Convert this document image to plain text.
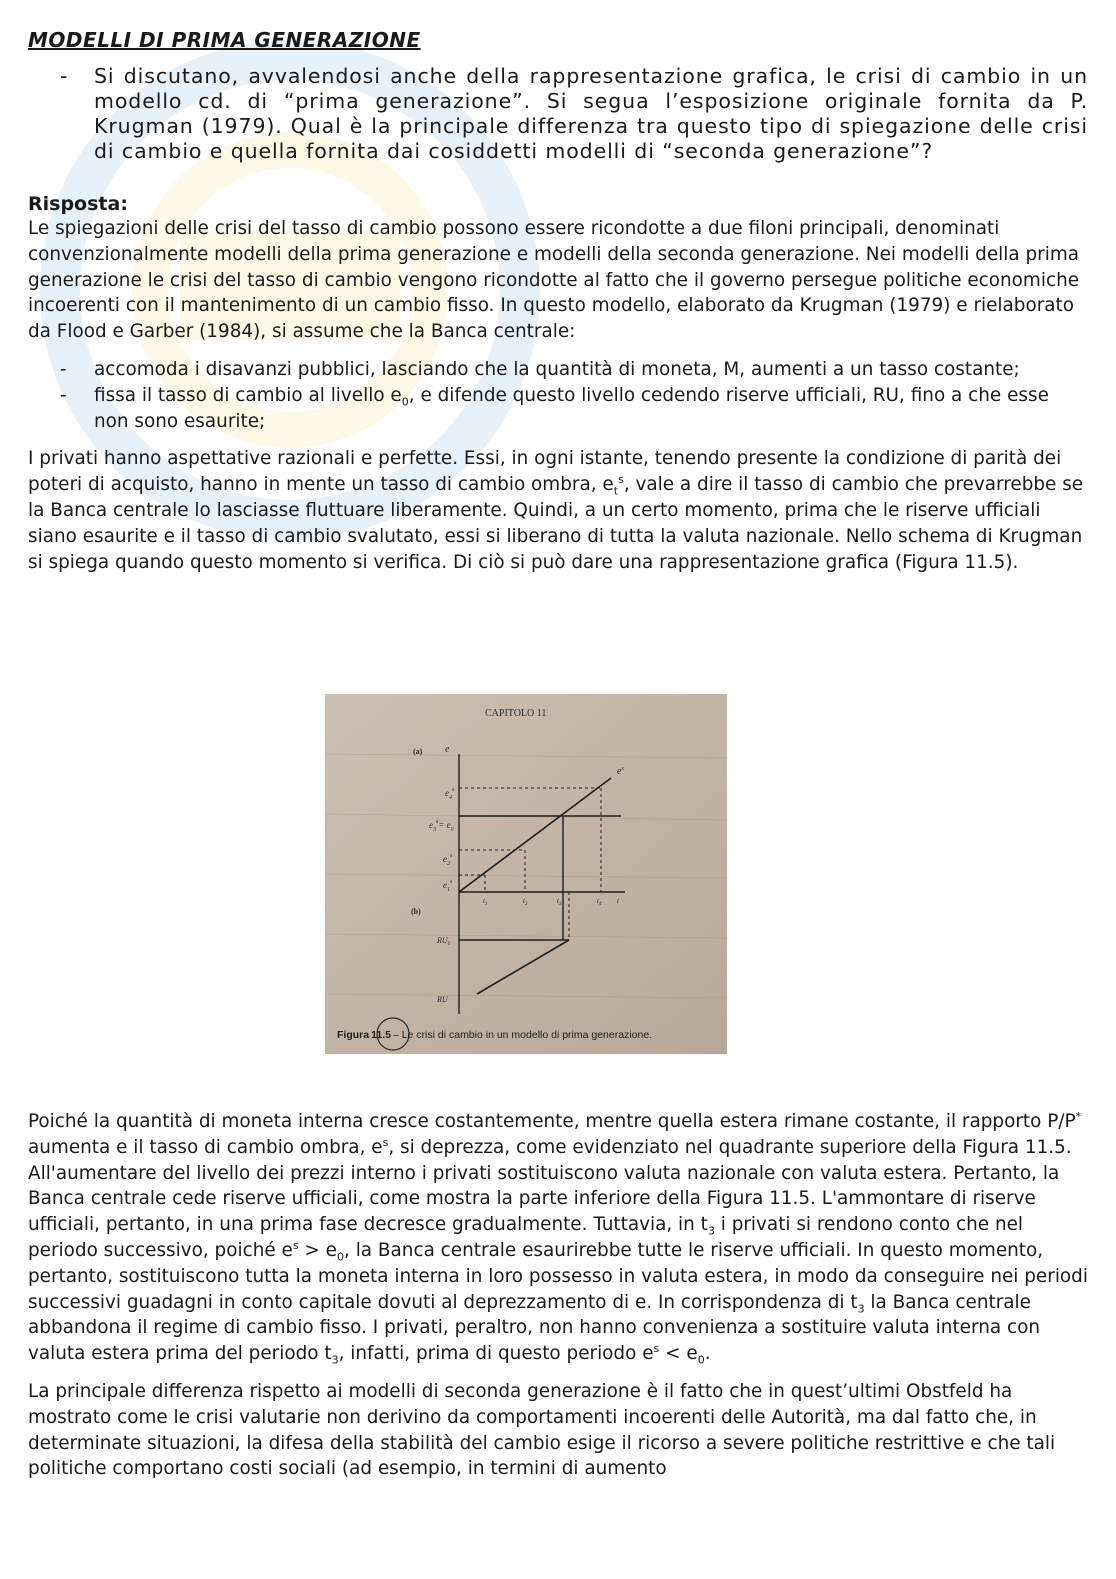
MODELLI DI PRIMA GENERAZIONE
-	Si discutano, avvalendosi anche della rappresentazione grafica, le crisi di cambio in un modello cd. di “prima generazione”. Si segua l’esposizione originale fornita da P. Krugman (1979). Qual è la principale differenza tra questo tipo di spiegazione delle crisi di cambio e quella fornita dai cosiddetti modelli di “seconda generazione”?
Risposta:

Le spiegazioni delle crisi del tasso di cambio possono essere ricondotte a due filoni principali, denominati convenzionalmente modelli della prima generazione e modelli della seconda generazione. Nei modelli della prima generazione le crisi del tasso di cambio vengono ricondotte al fatto che il governo persegue politiche economiche incoerenti con il mantenimento di un cambio fisso. In questo modello, elaborato da Krugman (1979) e rielaborato da Flood e Garber (1984), si assume che la Banca centrale:

-	accomoda i disavanzi pubblici, lasciando che la quantità di moneta, M, aumenti a un tasso costante;
-	fissa il tasso di cambio al livello $e_0$, e difende questo livello cedendo riserve ufficiali, RU, fino a che esse non sono esaurite;

I privati hanno aspettative razionali e perfette. Essi, in ogni istante, tenendo presente la condizione di parità dei poteri di acquisto, hanno in mente un tasso di cambio ombra, $e_t^s$, vale a dire il tasso di cambio che prevarrebbe se la Banca centrale lo lasciasse fluttuare liberamente. Quindi, a un certo momento, prima che le riserve ufficiali siano esaurite e il tasso di cambio svalutato, essi si liberano di tutta la valuta nazionale. Nello schema di Krugman si spiega quando questo momento si verifica. Di ciò si può dare una rappresentazione grafica (Figura 11.5).

CAPITOLO 11
(a) e
$e^s$
$e_4^s$
$e_3^s= e_0$
$e_2^s$
$e_1^s$
$t_1$	$t_2$	$t_3$	$t_4$ t
(b)
$RU_0$
RU
Figura 11.5 – Le crisi di cambio in un modello di prima generazione.

Poiché la quantità di moneta interna cresce costantemente, mentre quella estera rimane costante, il rapporto P/P* aumenta e il tasso di cambio ombra, $e^s$, si deprezza, come evidenziato nel quadrante superiore della Figura 11.5. All'aumentare del livello dei prezzi interno i privati sostituiscono valuta nazionale con valuta estera. Pertanto, la Banca centrale cede riserve ufficiali, come mostra la parte inferiore della Figura 11.5. L'ammontare di riserve ufficiali, pertanto, in una prima fase decresce gradualmente. Tuttavia, in $t_3$ i privati si rendono conto che nel periodo successivo, poiché $e^s > e_0$, la Banca centrale esaurirebbe tutte le riserve ufficiali. In questo momento, pertanto, sostituiscono tutta la moneta interna in loro possesso in valuta estera, in modo da conseguire nei periodi successivi guadagni in conto capitale dovuti al deprezzamento di e. In corrispondenza di $t_3$ la Banca centrale abbandona il regime di cambio fisso. I privati, peraltro, non hanno convenienza a sostituire valuta interna con valuta estera prima del periodo $t_3$, infatti, prima di questo periodo $e^s < e_0$.

La principale differenza rispetto ai modelli di seconda generazione è il fatto che in quest’ultimi Obstfeld ha mostrato come le crisi valutarie non derivino da comportamenti incoerenti delle Autorità, ma dal fatto che, in determinate situazioni, la difesa della stabilità del cambio esige il ricorso a severe politiche restrittive e che tali politiche comportano costi sociali (ad esempio, in termini di aumento
